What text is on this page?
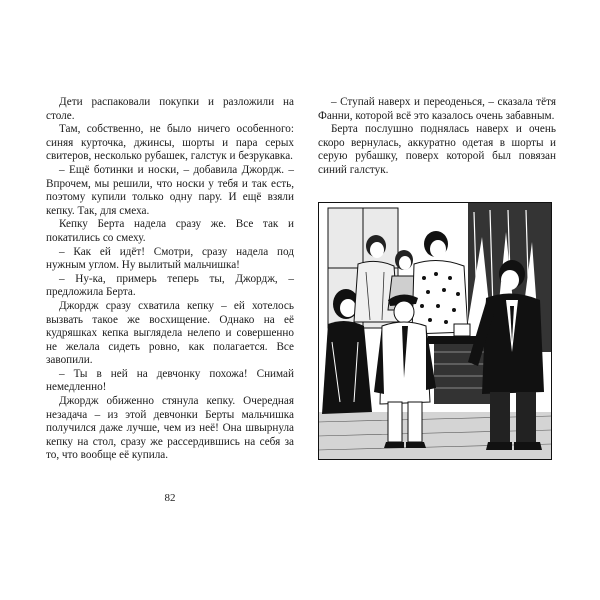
Дети распаковали покупки и разложили на столе.

Там, собственно, не было ничего особенного: синяя курточка, джинсы, шорты и пара серых свитеров, несколько рубашек, галстук и безрукавка.

– Ещё ботинки и носки, – добавила Джордж. – Впрочем, мы решили, что носки у тебя и так есть, поэтому купили только одну пару. И ещё взяли кепку. Так, для смеха.

Кепку Берта надела сразу же. Все так и покатились со смеху.

– Как ей идёт! Смотри, сразу надела под нужным углом. Ну вылитый мальчишка!

– Ну-ка, примерь теперь ты, Джордж, – предложила Берта.

Джордж сразу схватила кепку – ей хотелось вызвать такое же восхищение. Однако на её кудряшках кепка выглядела нелепо и совершенно не желала сидеть ровно, как полагается. Все завопили.

– Ты в ней на девчонку похожа! Снимай немедленно!

Джордж обиженно стянула кепку. Очередная незадача – из этой девчонки Берты мальчишка получился даже лучше, чем из неё! Она швырнула кепку на стол, сразу же рассердившись на себя за то, что вообще её купила.

82

– Ступай наверх и переоденься, – сказала тётя Фанни, которой всё это казалось очень забавным.

Берта послушно поднялась наверх и очень скоро вернулась, аккуратно одетая в шорты и серую рубашку, поверх которой был повязан синий галстук.
